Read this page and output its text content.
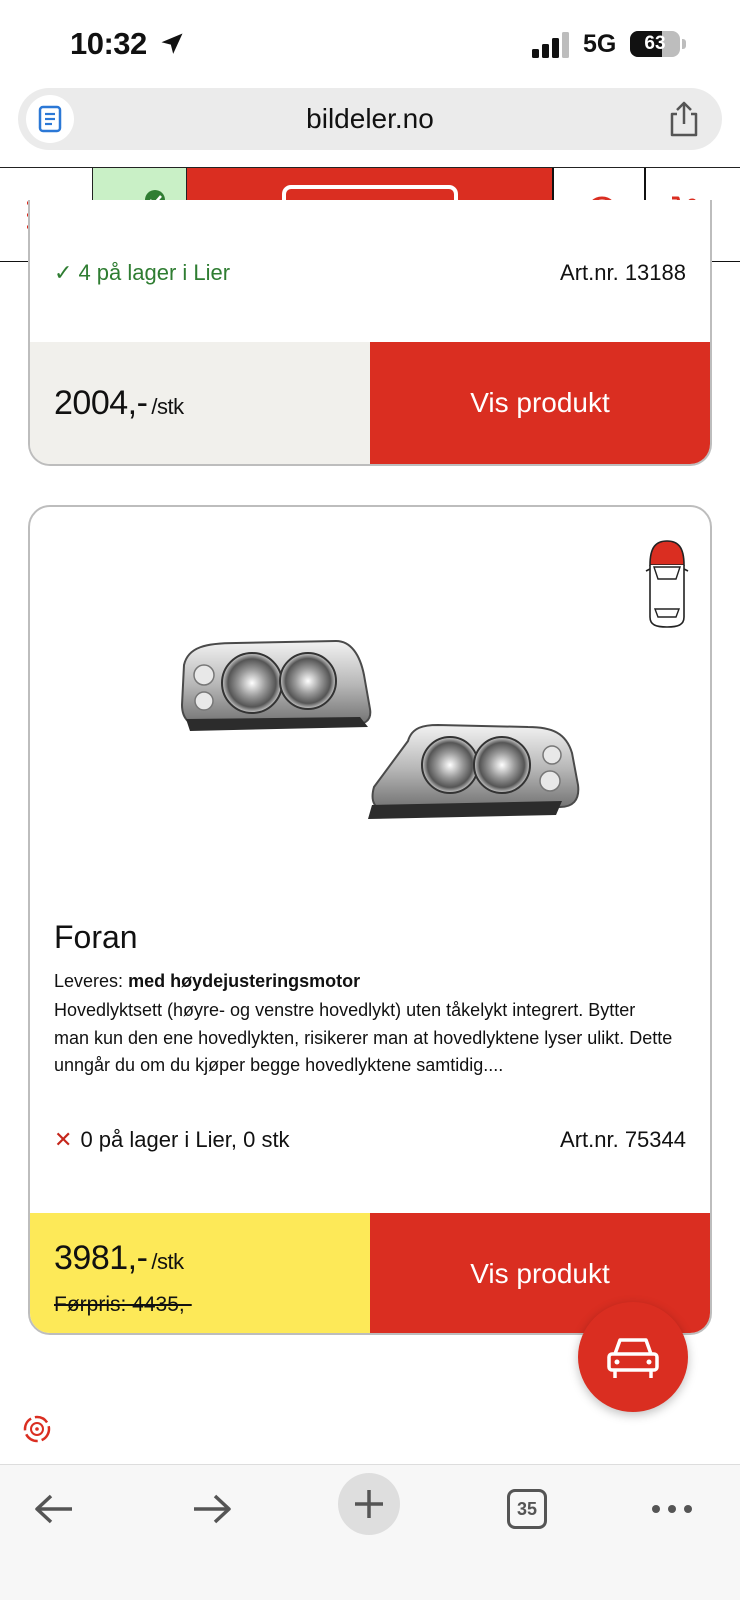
10:32	5G	63
bildeler.no
✓ 4 på lager i Lier	Art.nr. 13188
2004,- /stk	Vis produkt
Foran
Leveres: med høydejusteringsmotor
Hovedlyktsett (høyre- og venstre hovedlykt) uten tåkelykt integrert. Bytter man kun den ene hovedlykten, risikerer man at hovedlyktene lyser ulikt. Dette unngår du om du kjøper begge hovedlyktene samtidig....
✕ 0 på lager i Lier, 0 stk	Art.nr. 75344
3981,- /stk
Førpris: 4435,-
Vis produkt
35
